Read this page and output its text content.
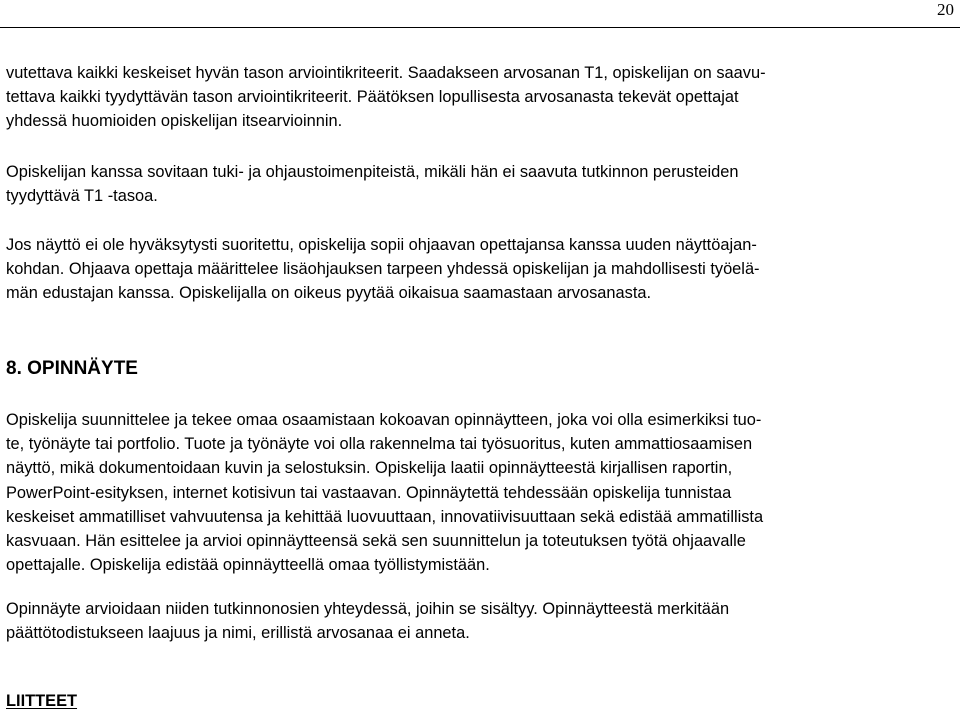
20

vutettava kaikki keskeiset hyvän tason arviointikriteerit. Saadakseen arvosanan T1, opiskelijan on saavu-
tettava kaikki tyydyttävän tason arviointikriteerit. Päätöksen lopullisesta arvosanasta tekevät opettajat
yhdessä huomioiden opiskelijan itsearvioinnin.

Opiskelijan kanssa sovitaan tuki- ja ohjaustoimenpiteistä, mikäli hän ei saavuta tutkinnon perusteiden
tyydyttävä T1 -tasoa.

Jos näyttö ei ole hyväksytysti suoritettu, opiskelija sopii ohjaavan opettajansa kanssa uuden näyttöajan-
kohdan. Ohjaava opettaja määrittelee lisäohjauksen tarpeen yhdessä opiskelijan ja mahdollisesti työelä-
män edustajan kanssa. Opiskelijalla on oikeus pyytää oikaisua saamastaan arvosanasta.

8. OPINNÄYTE

Opiskelija suunnittelee ja tekee omaa osaamistaan kokoavan opinnäytteen, joka voi olla esimerkiksi tuo-
te, työnäyte tai portfolio. Tuote ja työnäyte voi olla rakennelma tai työsuoritus, kuten ammattiosaamisen
näyttö, mikä dokumentoidaan kuvin ja selostuksin. Opiskelija laatii opinnäytteestä kirjallisen raportin,
PowerPoint-esityksen, internet kotisivun tai vastaavan. Opinnäytettä tehdessään opiskelija tunnistaa
keskeiset ammatilliset vahvuutensa ja kehittää luovuuttaan, innovatiivisuuttaan sekä edistää ammatillista
kasvuaan. Hän esittelee ja arvioi opinnäytteensä sekä sen suunnittelun ja toteutuksen työtä ohjaavalle
opettajalle. Opiskelija edistää opinnäytteellä omaa työllistymistään.

Opinnäyte arvioidaan niiden tutkinnonosien yhteydessä, joihin se sisältyy. Opinnäytteestä merkitään
päättötodistukseen laajuus ja nimi, erillistä arvosanaa ei anneta.

LIITTEET
